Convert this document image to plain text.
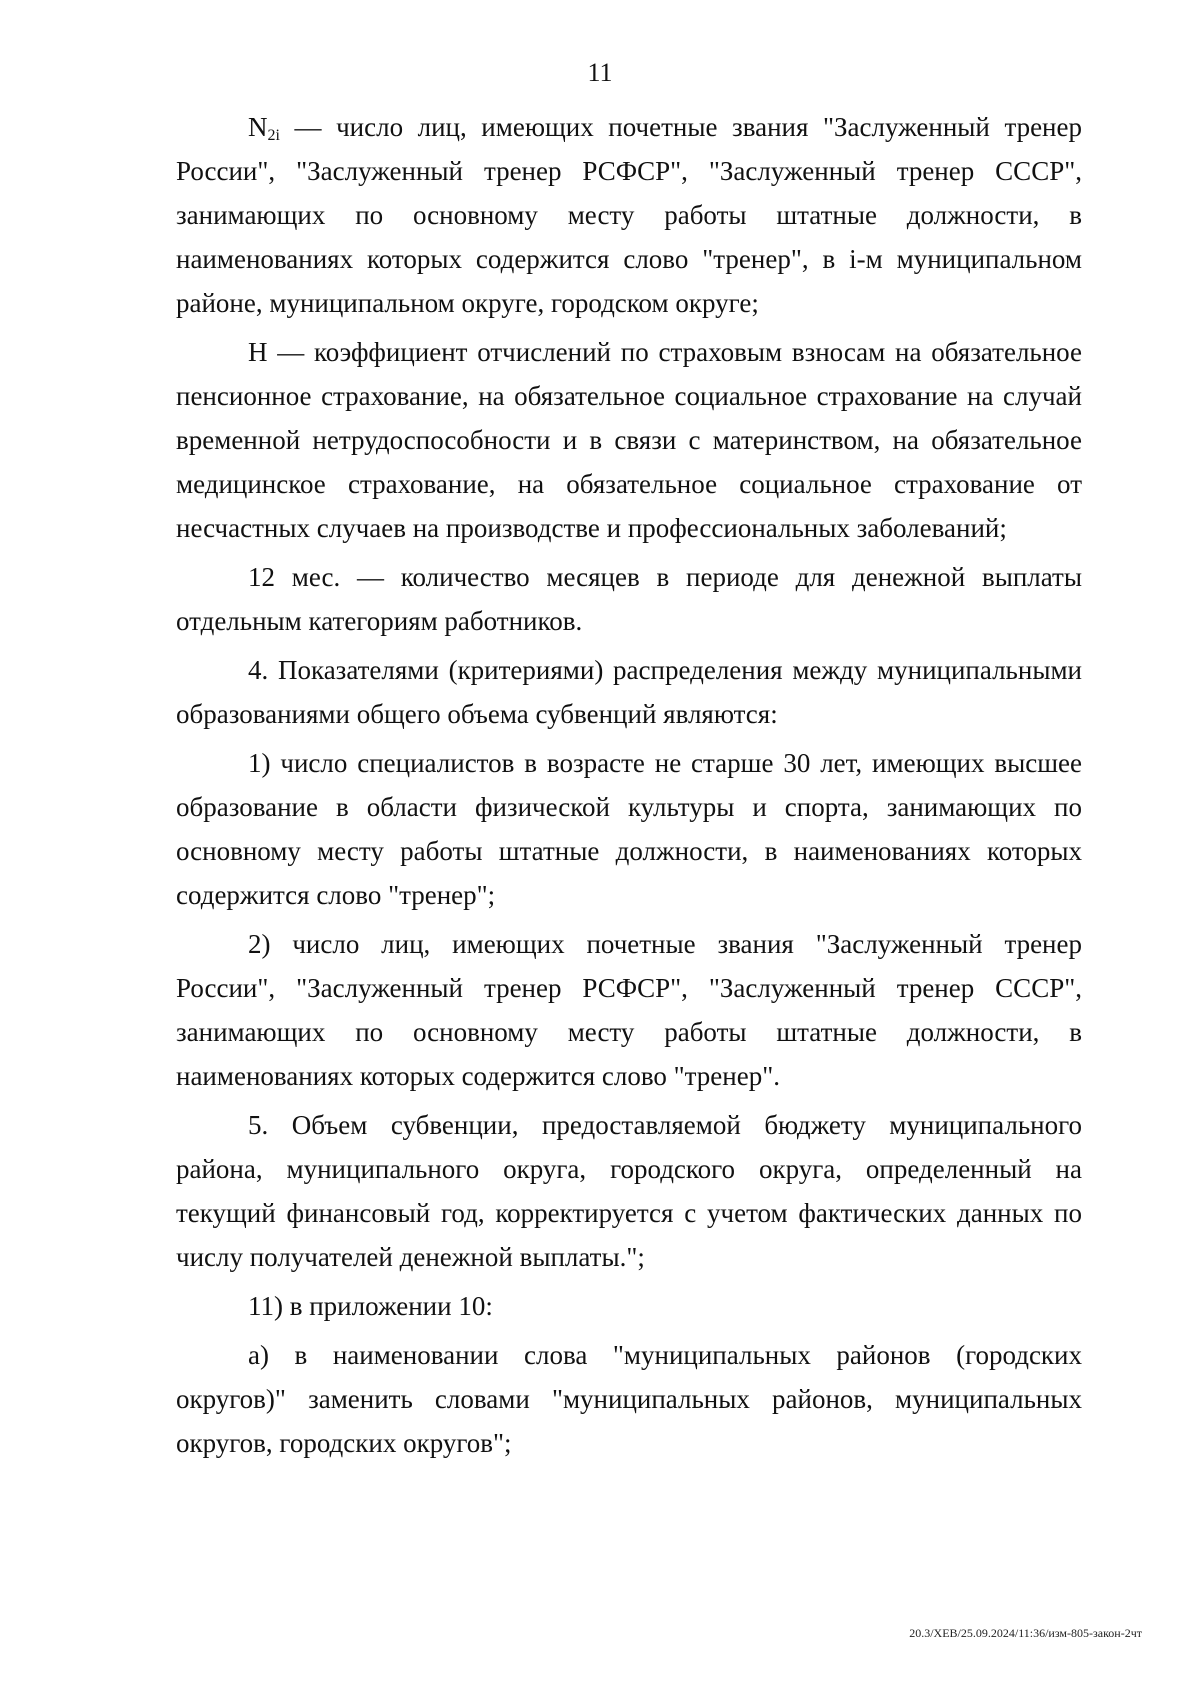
11

$N_{2i}$ — число лиц, имеющих почетные звания "Заслуженный тренер России", "Заслуженный тренер РСФСР", "Заслуженный тренер СССР", занимающих по основному месту работы штатные должности, в наименованиях которых содержится слово "тренер", в i-м муниципальном районе, муниципальном округе, городском округе;

Н — коэффициент отчислений по страховым взносам на обязательное пенсионное страхование, на обязательное социальное страхование на случай временной нетрудоспособности и в связи с материнством, на обязательное медицинское страхование, на обязательное социальное страхование от несчастных случаев на производстве и профессиональных заболеваний;

12 мес. — количество месяцев в периоде для денежной выплаты отдельным категориям работников.

4. Показателями (критериями) распределения между муниципальными образованиями общего объема субвенций являются:

1) число специалистов в возрасте не старше 30 лет, имеющих высшее образование в области физической культуры и спорта, занимающих по основному месту работы штатные должности, в наименованиях которых содержится слово "тренер";

2) число лиц, имеющих почетные звания "Заслуженный тренер России", "Заслуженный тренер РСФСР", "Заслуженный тренер СССР", занимающих по основному месту работы штатные должности, в наименованиях которых содержится слово "тренер".

5. Объем субвенции, предоставляемой бюджету муниципального района, муниципального округа, городского округа, определенный на текущий финансовый год, корректируется с учетом фактических данных по числу получателей денежной выплаты.";

11) в приложении 10:

а) в наименовании слова "муниципальных районов (городских округов)" заменить словами "муниципальных районов, муниципальных округов, городских округов";

20.3/ХЕВ/25.09.2024/11:36/изм-805-закон-2чт
